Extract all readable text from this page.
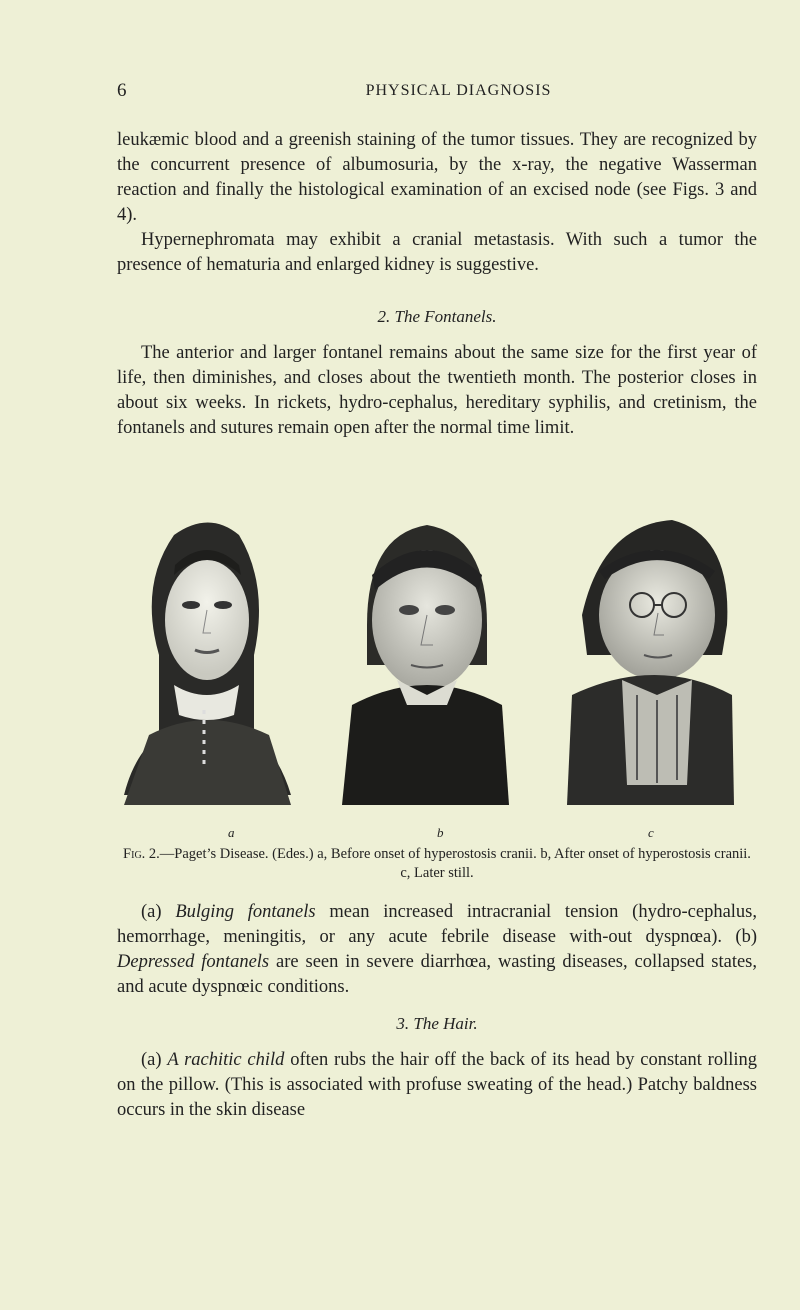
6	PHYSICAL DIAGNOSIS

leukæmic blood and a greenish staining of the tumor tissues. They are recognized by the concurrent presence of albumosuria, by the x-ray, the negative Wasserman reaction and finally the histological examination of an excised node (see Figs. 3 and 4).

Hypernephromata may exhibit a cranial metastasis. With such a tumor the presence of hematuria and enlarged kidney is suggestive.

2. The Fontanels.

The anterior and larger fontanel remains about the same size for the first year of life, then diminishes, and closes about the twentieth month. The posterior closes in about six weeks. In rickets, hydro-cephalus, hereditary syphilis, and cretinism, the fontanels and sutures remain open after the normal time limit.

a	b	c
Fig. 2.—Paget’s Disease. (Edes.) a, Before onset of hyperostosis cranii. b, After onset of hyperostosis cranii. c, Later still.

(a) Bulging fontanels mean increased intracranial tension (hydro-cephalus, hemorrhage, meningitis, or any acute febrile disease with-out dyspnœa). (b) Depressed fontanels are seen in severe diarrhœa, wasting diseases, collapsed states, and acute dyspnœic conditions.

3. The Hair.

(a) A rachitic child often rubs the hair off the back of its head by constant rolling on the pillow. (This is associated with profuse sweating of the head.) Patchy baldness occurs in the skin disease
